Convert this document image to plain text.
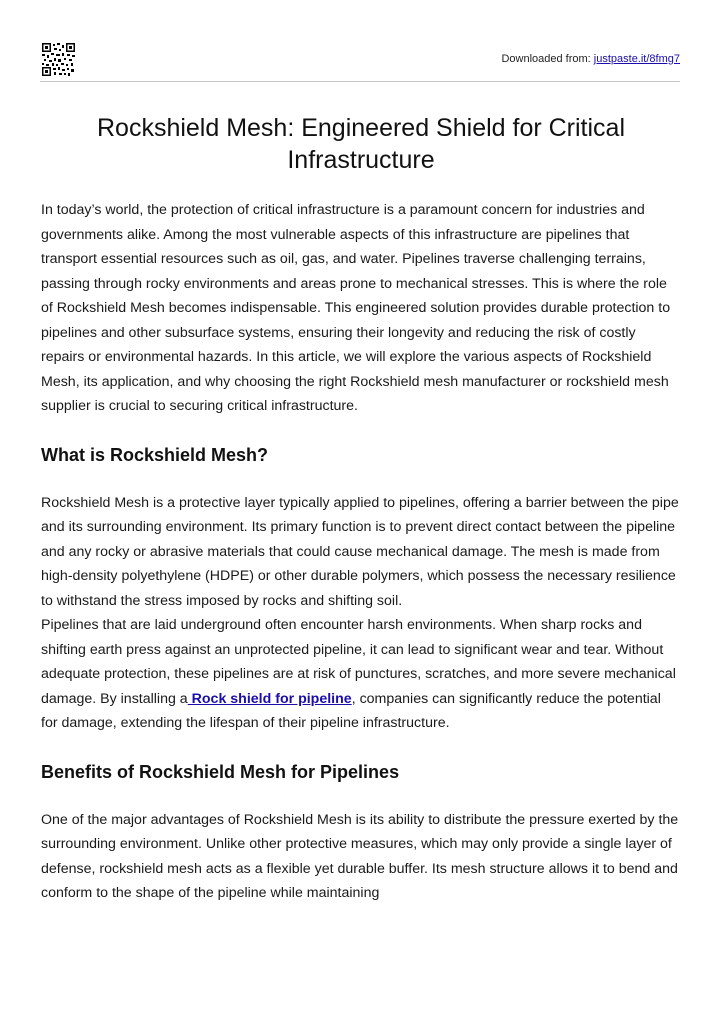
Downloaded from: justpaste.it/8fmg7
Rockshield Mesh: Engineered Shield for Critical Infrastructure

In today’s world, the protection of critical infrastructure is a paramount concern for industries and governments alike. Among the most vulnerable aspects of this infrastructure are pipelines that transport essential resources such as oil, gas, and water. Pipelines traverse challenging terrains, passing through rocky environments and areas prone to mechanical stresses. This is where the role of Rockshield Mesh becomes indispensable. This engineered solution provides durable protection to pipelines and other subsurface systems, ensuring their longevity and reducing the risk of costly repairs or environmental hazards. In this article, we will explore the various aspects of Rockshield Mesh, its application, and why choosing the right Rockshield mesh manufacturer or rockshield mesh supplier is crucial to securing critical infrastructure.

What is Rockshield Mesh?

Rockshield Mesh is a protective layer typically applied to pipelines, offering a barrier between the pipe and its surrounding environment. Its primary function is to prevent direct contact between the pipeline and any rocky or abrasive materials that could cause mechanical damage. The mesh is made from high-density polyethylene (HDPE) or other durable polymers, which possess the necessary resilience to withstand the stress imposed by rocks and shifting soil.

Pipelines that are laid underground often encounter harsh environments. When sharp rocks and shifting earth press against an unprotected pipeline, it can lead to significant wear and tear. Without adequate protection, these pipelines are at risk of punctures, scratches, and more severe mechanical damage. By installing a Rock shield for pipeline, companies can significantly reduce the potential for damage, extending the lifespan of their pipeline infrastructure.

Benefits of Rockshield Mesh for Pipelines

One of the major advantages of Rockshield Mesh is its ability to distribute the pressure exerted by the surrounding environment. Unlike other protective measures, which may only provide a single layer of defense, rockshield mesh acts as a flexible yet durable buffer. Its mesh structure allows it to bend and conform to the shape of the pipeline while maintaining
